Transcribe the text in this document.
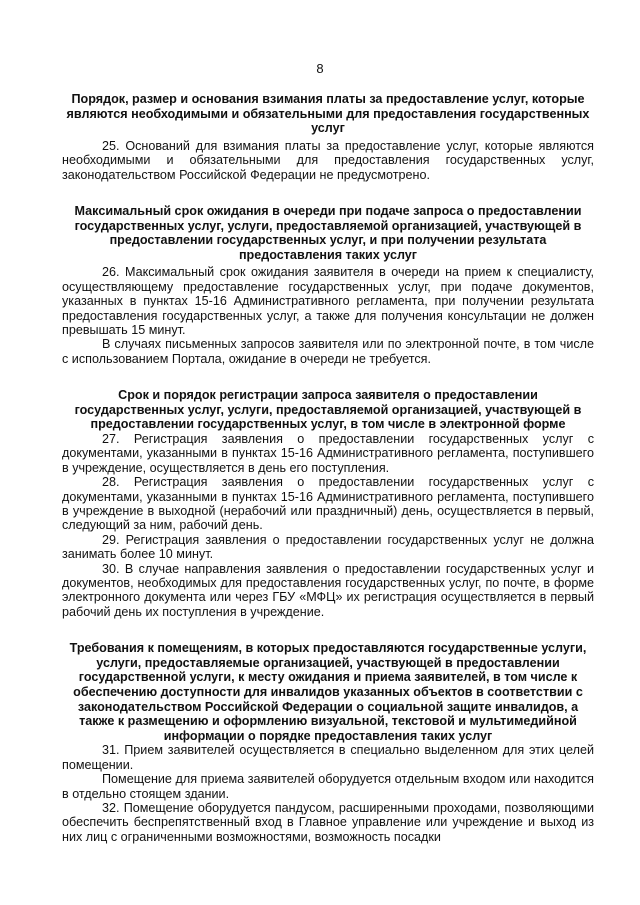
8

Порядок, размер и основания взимания платы за предоставление услуг, которые являются необходимыми и обязательными для предоставления государственных услуг

25. Оснований для взимания платы за предоставление услуг, которые являются необходимыми и обязательными для предоставления государственных услуг, законодательством Российской Федерации не предусмотрено.

Максимальный срок ожидания в очереди при подаче запроса о предоставлении государственных услуг, услуги, предоставляемой организацией, участвующей в предоставлении государственных услуг, и при получении результата предоставления таких услуг

26. Максимальный срок ожидания заявителя в очереди на прием к специалисту, осуществляющему предоставление государственных услуг, при подаче документов, указанных в пунктах 15-16 Административного регламента, при получении результата предоставления государственных услуг, а также для получения консультации не должен превышать 15 минут.

В случаях письменных запросов заявителя или по электронной почте, в том числе с использованием Портала, ожидание в очереди не требуется.

Срок и порядок регистрации запроса заявителя о предоставлении государственных услуг, услуги, предоставляемой организацией, участвующей в предоставлении государственных услуг, в том числе в электронной форме

27. Регистрация заявления о предоставлении государственных услуг с документами, указанными в пунктах 15-16 Административного регламента, поступившего в учреждение, осуществляется в день его поступления.

28. Регистрация заявления о предоставлении государственных услуг с документами, указанными в пунктах 15-16 Административного регламента, поступившего в учреждение в выходной (нерабочий или праздничный) день, осуществляется в первый, следующий за ним, рабочий день.

29. Регистрация заявления о предоставлении государственных услуг не должна занимать более 10 минут.

30. В случае направления заявления о предоставлении государственных услуг и документов, необходимых для предоставления государственных услуг, по почте, в форме электронного документа или через ГБУ «МФЦ» их регистрация осуществляется в первый рабочий день их поступления в учреждение.

Требования к помещениям, в которых предоставляются государственные услуги, услуги, предоставляемые организацией, участвующей в предоставлении государственной услуги, к месту ожидания и приема заявителей, в том числе к обеспечению доступности для инвалидов указанных объектов в соответствии с законодательством Российской Федерации о социальной защите инвалидов, а также к размещению и оформлению визуальной, текстовой и мультимедийной информации о порядке предоставления таких услуг

31. Прием заявителей осуществляется в специально выделенном для этих целей помещении.

Помещение для приема заявителей оборудуется отдельным входом или находится в отдельно стоящем здании.

32. Помещение оборудуется пандусом, расширенными проходами, позволяющими обеспечить беспрепятственный вход в Главное управление или учреждение и выход из них лиц с ограниченными возможностями, возможность посадки
